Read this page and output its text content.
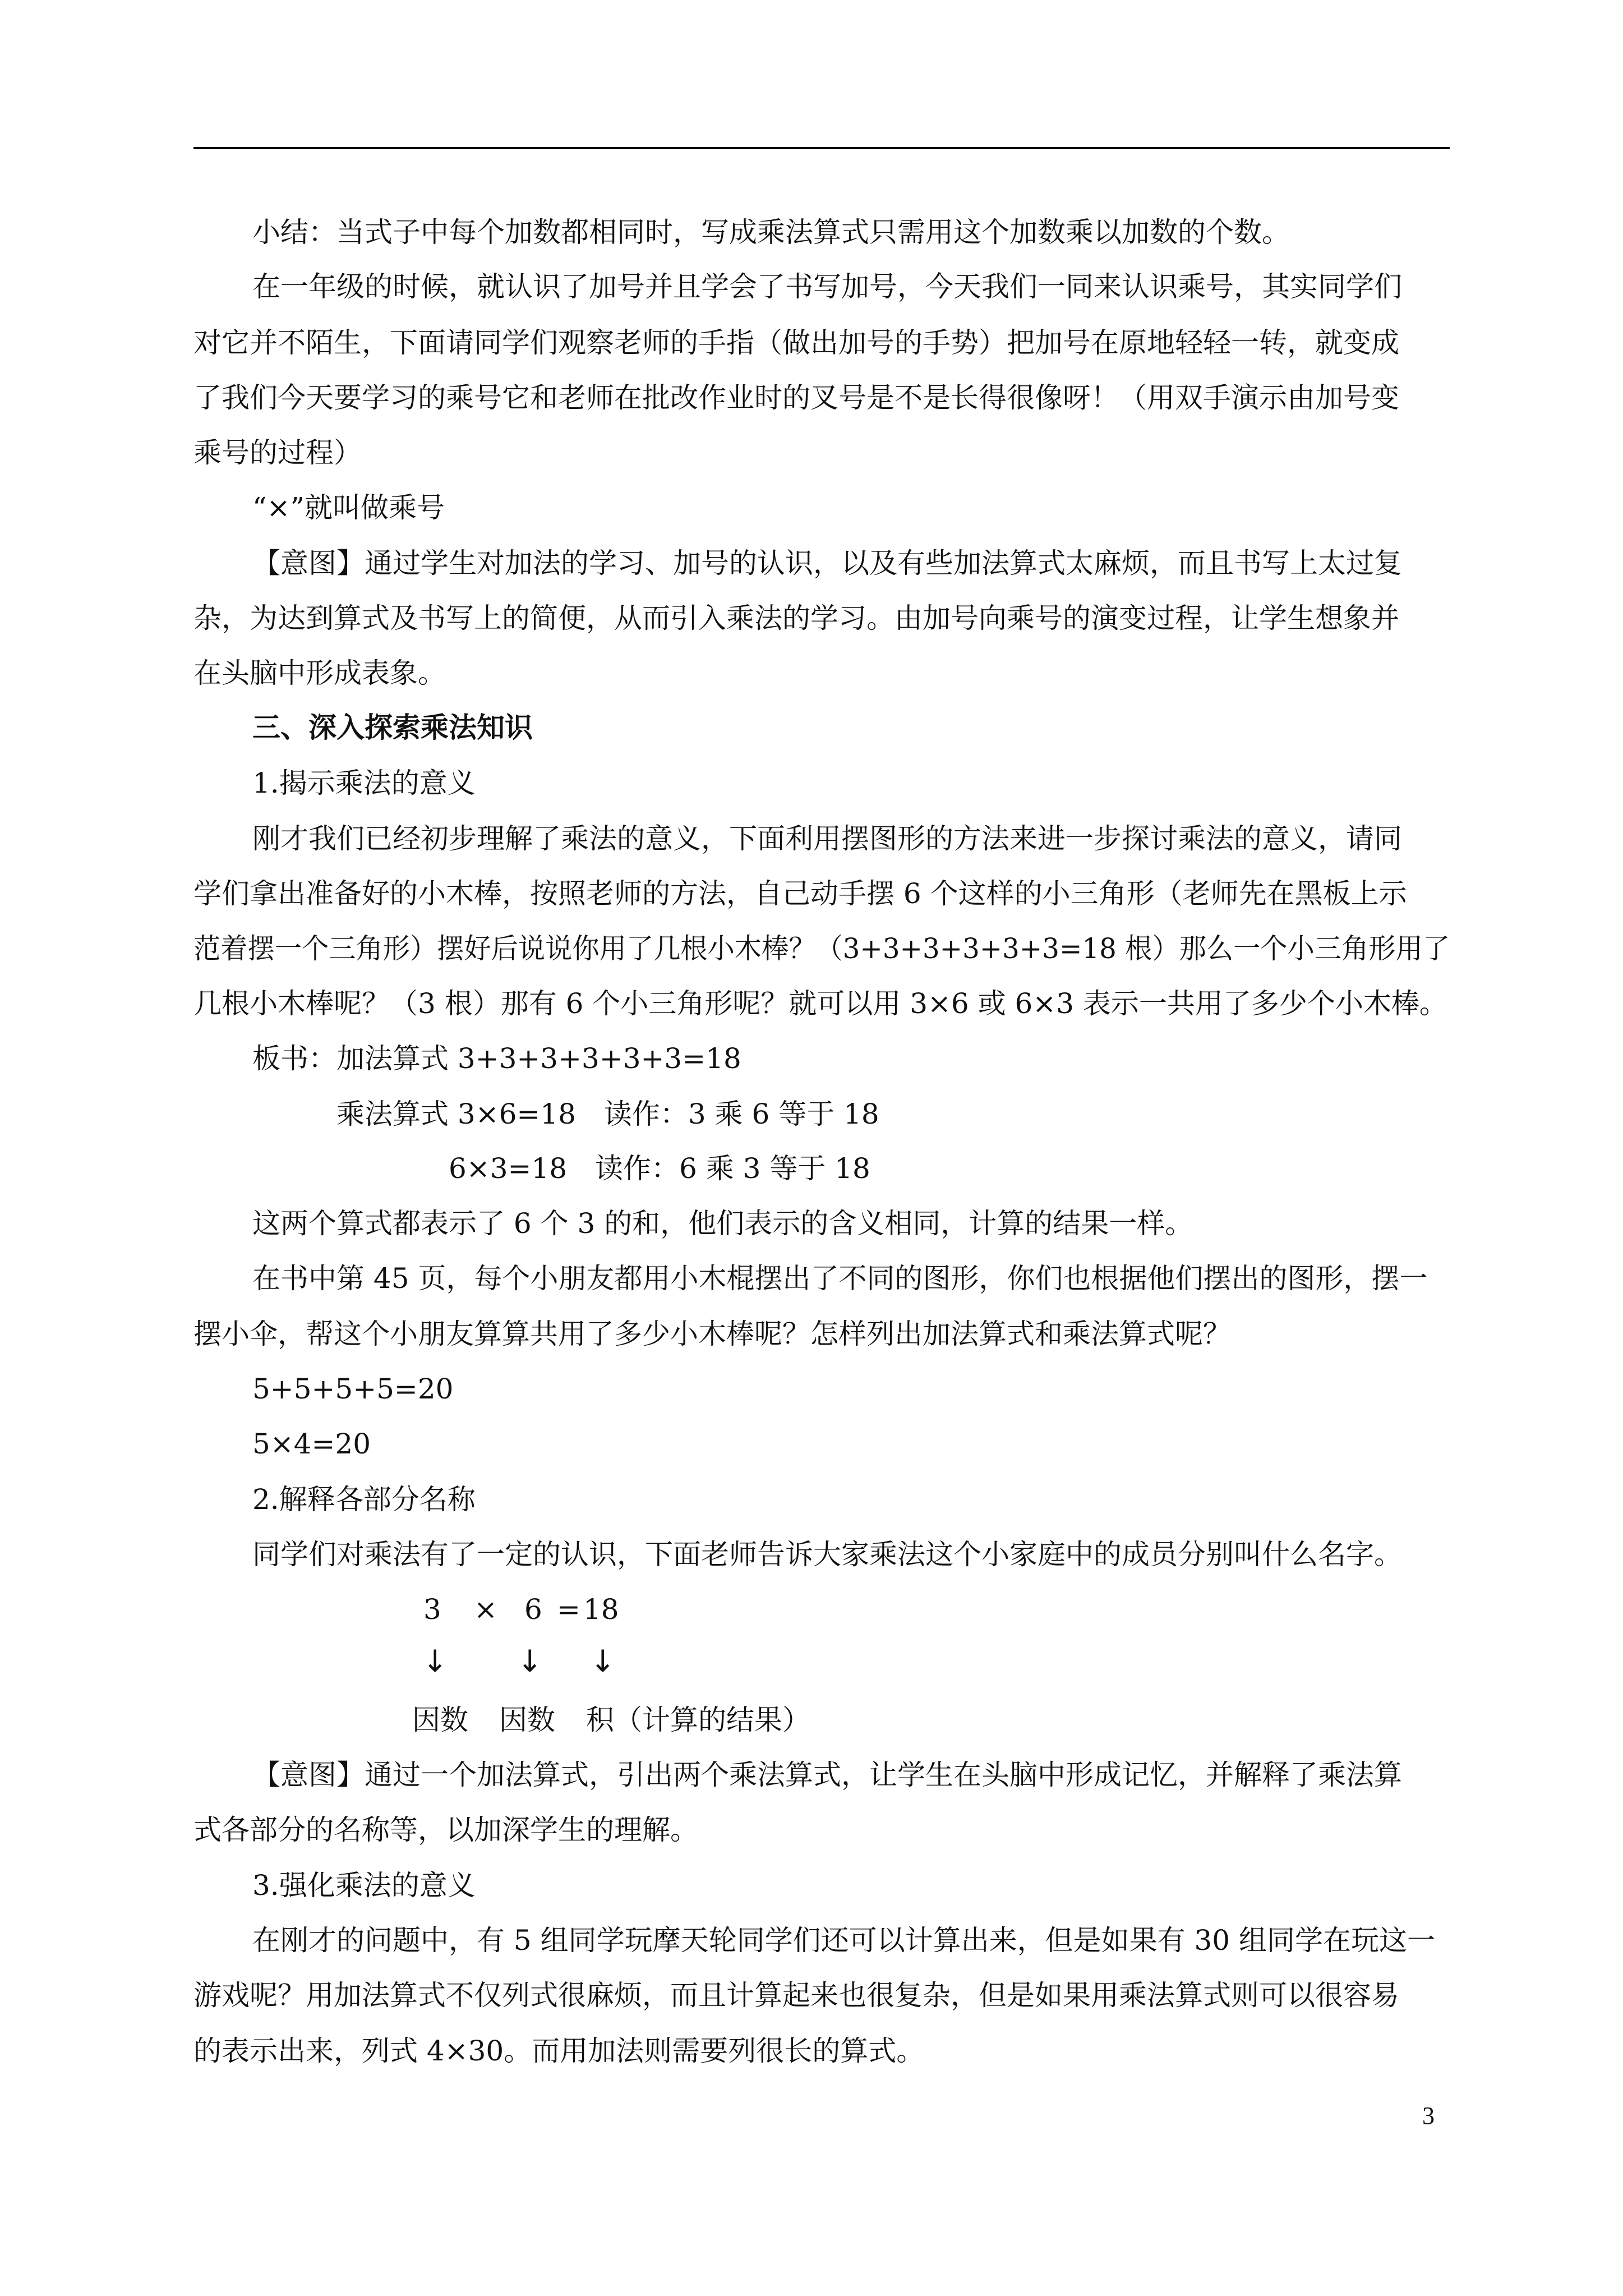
小结：当式子中每个加数都相同时，写成乘法算式只需用这个加数乘以加数的个数。
在一年级的时候，就认识了加号并且学会了书写加号，今天我们一同来认识乘号，其实同学们
对它并不陌生，下面请同学们观察老师的手指（做出加号的手势）把加号在原地轻轻一转，就变成
了我们今天要学习的乘号它和老师在批改作业时的叉号是不是长得很像呀！（用双手演示由加号变
乘号的过程）
“×”就叫做乘号
【意图】通过学生对加法的学习、加号的认识，以及有些加法算式太麻烦，而且书写上太过复
杂，为达到算式及书写上的简便，从而引入乘法的学习。由加号向乘号的演变过程，让学生想象并
在头脑中形成表象。
三、深入探索乘法知识
1.揭示乘法的意义
刚才我们已经初步理解了乘法的意义，下面利用摆图形的方法来进一步探讨乘法的意义，请同
学们拿出准备好的小木棒，按照老师的方法，自己动手摆 6 个这样的小三角形（老师先在黑板上示
范着摆一个三角形）摆好后说说你用了几根小木棒？（3+3+3+3+3+3=18 根）那么一个小三角形用了
几根小木棒呢？（3 根）那有 6 个小三角形呢？就可以用 3×6 或 6×3 表示一共用了多少个小木棒。
板书：加法算式 3+3+3+3+3+3=18
乘法算式 3×6=18　读作：3 乘 6 等于 18
6×3=18　读作：6 乘 3 等于 18
这两个算式都表示了 6 个 3 的和，他们表示的含义相同，计算的结果一样。
在书中第 45 页，每个小朋友都用小木棍摆出了不同的图形，你们也根据他们摆出的图形，摆一
摆小伞，帮这个小朋友算算共用了多少小木棒呢？怎样列出加法算式和乘法算式呢？
5+5+5+5=20
5×4=20
2.解释各部分名称
同学们对乘法有了一定的认识，下面老师告诉大家乘法这个小家庭中的成员分别叫什么名字。
3 × 6 = 18
↓ ↓ ↓
因数 因数 积（计算的结果）
【意图】通过一个加法算式，引出两个乘法算式，让学生在头脑中形成记忆，并解释了乘法算
式各部分的名称等，以加深学生的理解。
3.强化乘法的意义
在刚才的问题中，有 5 组同学玩摩天轮同学们还可以计算出来，但是如果有 30 组同学在玩这一
游戏呢？用加法算式不仅列式很麻烦，而且计算起来也很复杂，但是如果用乘法算式则可以很容易
的表示出来，列式 4×30。而用加法则需要列很长的算式。
3
